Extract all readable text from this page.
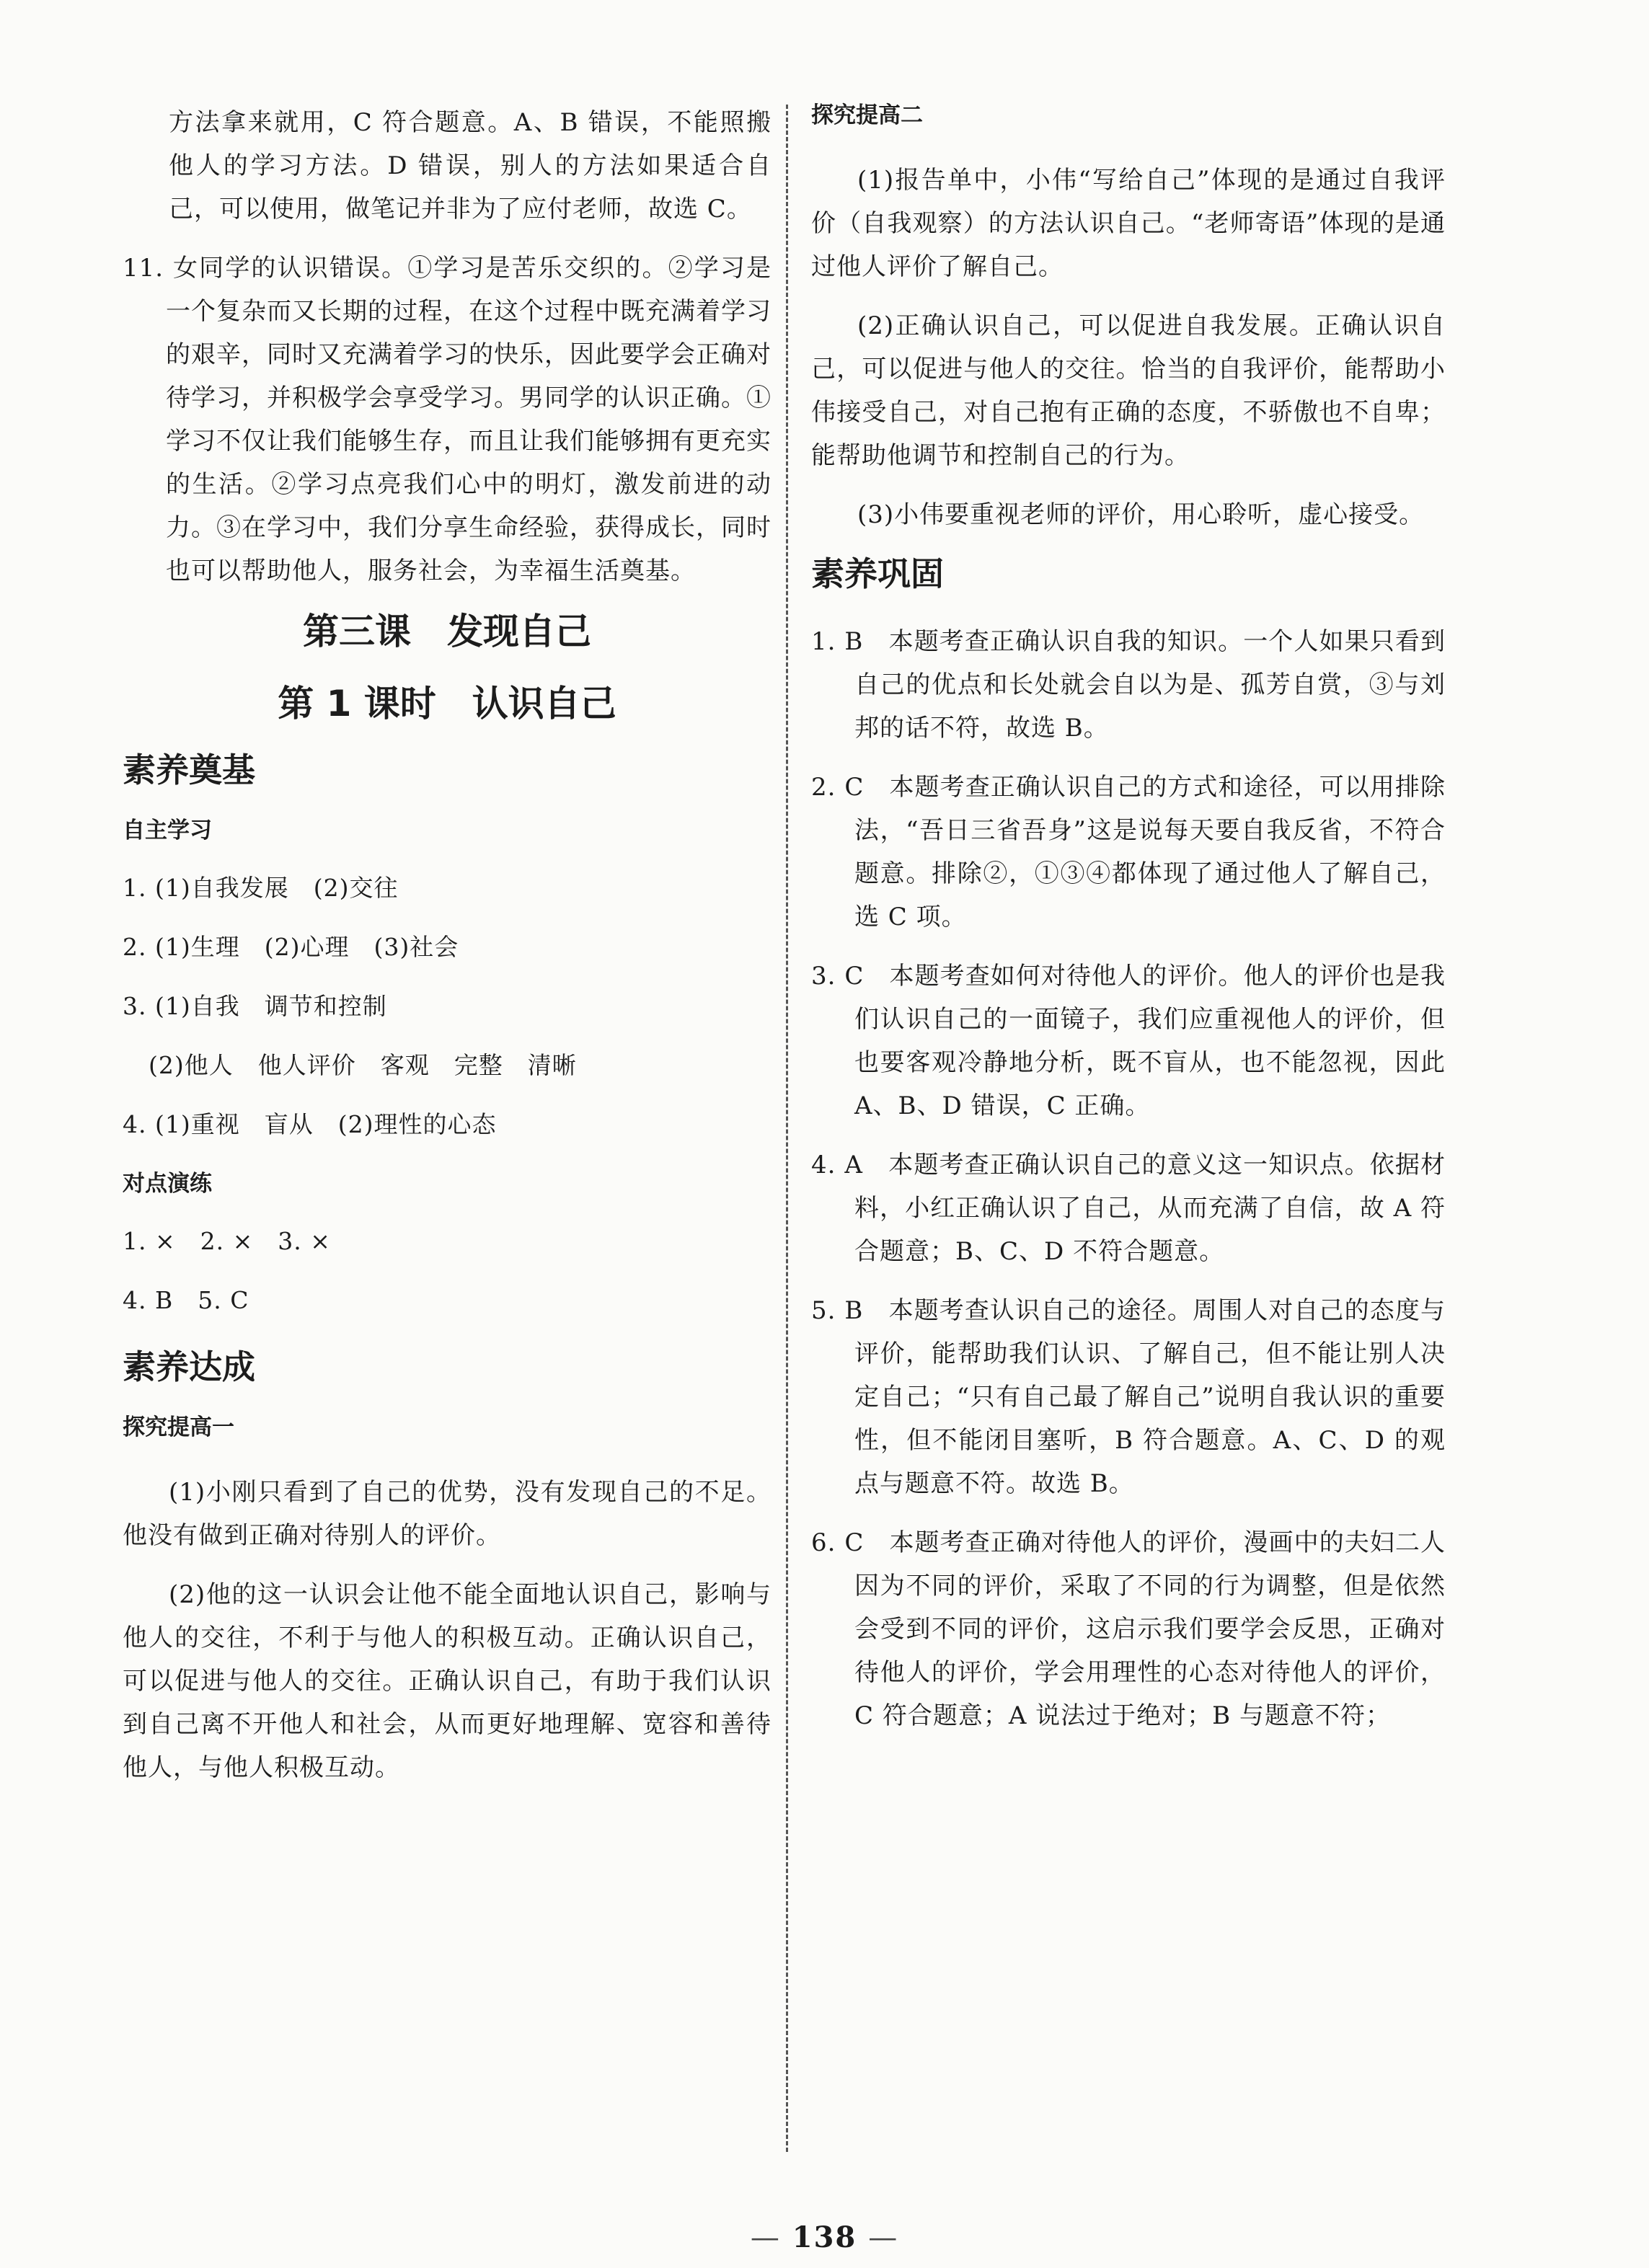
方法拿来就用，C 符合题意。A、B 错误，不能照搬他人的学习方法。D 错误，别人的方法如果适合自己，可以使用，做笔记并非为了应付老师，故选 C。

11. 女同学的认识错误。①学习是苦乐交织的。②学习是一个复杂而又长期的过程，在这个过程中既充满着学习的艰辛，同时又充满着学习的快乐，因此要学会正确对待学习，并积极学会享受学习。男同学的认识正确。①学习不仅让我们能够生存，而且让我们能够拥有更充实的生活。②学习点亮我们心中的明灯，激发前进的动力。③在学习中，我们分享生命经验，获得成长，同时也可以帮助他人，服务社会，为幸福生活奠基。

第三课　发现自己
第 1 课时　认识自己
素养奠基
自主学习
1. (1)自我发展　(2)交往
2. (1)生理　(2)心理　(3)社会
3. (1)自我　调节和控制
(2)他人　他人评价　客观　完整　清晰
4. (1)重视　盲从　(2)理性的心态
对点演练
1. ×　2. ×　3. ×
4. B　5. C
素养达成
探究提高一

(1)小刚只看到了自己的优势，没有发现自己的不足。他没有做到正确对待别人的评价。

(2)他的这一认识会让他不能全面地认识自己，影响与他人的交往，不利于与他人的积极互动。正确认识自己，可以促进与他人的交往。正确认识自己，有助于我们认识到自己离不开他人和社会，从而更好地理解、宽容和善待他人，与他人积极互动。

探究提高二

(1)报告单中，小伟“写给自己”体现的是通过自我评价（自我观察）的方法认识自己。“老师寄语”体现的是通过他人评价了解自己。

(2)正确认识自己，可以促进自我发展。正确认识自己，可以促进与他人的交往。恰当的自我评价，能帮助小伟接受自己，对自己抱有正确的态度，不骄傲也不自卑；能帮助他调节和控制自己的行为。

(3)小伟要重视老师的评价，用心聆听，虚心接受。

素养巩固

1. B　本题考查正确认识自我的知识。一个人如果只看到自己的优点和长处就会自以为是、孤芳自赏，③与刘邦的话不符，故选 B。

2. C　本题考查正确认识自己的方式和途径，可以用排除法，“吾日三省吾身”这是说每天要自我反省，不符合题意。排除②，①③④都体现了通过他人了解自己，选 C 项。

3. C　本题考查如何对待他人的评价。他人的评价也是我们认识自己的一面镜子，我们应重视他人的评价，但也要客观冷静地分析，既不盲从，也不能忽视，因此 A、B、D 错误，C 正确。

4. A　本题考查正确认识自己的意义这一知识点。依据材料，小红正确认识了自己，从而充满了自信，故 A 符合题意；B、C、D 不符合题意。

5. B　本题考查认识自己的途径。周围人对自己的态度与评价，能帮助我们认识、了解自己，但不能让别人决定自己；“只有自己最了解自己”说明自我认识的重要性，但不能闭目塞听，B 符合题意。A、C、D 的观点与题意不符。故选 B。

6. C　本题考查正确对待他人的评价，漫画中的夫妇二人因为不同的评价，采取了不同的行为调整，但是依然会受到不同的评价，这启示我们要学会反思，正确对待他人的评价，学会用理性的心态对待他人的评价，C 符合题意；A 说法过于绝对；B 与题意不符；

— 138 —
